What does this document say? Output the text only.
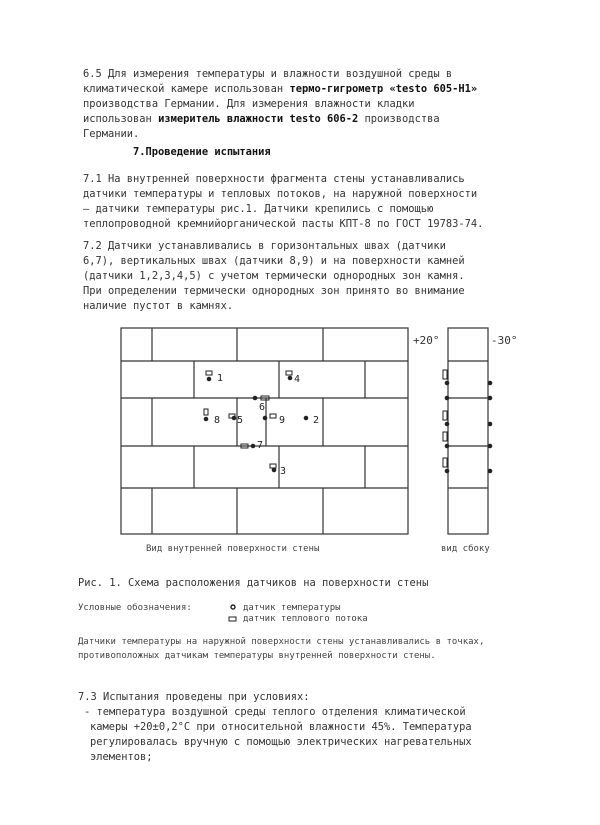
6.5 Для измерения температуры и влажности воздушной среды в
климатической камере использован термо-гигрометр «testo 605-H1»
производства Германии. Для измерения влажности кладки
использован измеритель влажности testo 606-2 производства
Германии.
7.Проведение испытания
7.1 На внутренней поверхности фрагмента стены устанавливались
датчики температуры и тепловых потоков, на наружной поверхности
– датчики температуры рис.1. Датчики крепились с помощью
теплопроводной кремнийорганической пасты КПТ-8 по ГОСТ 19783-74.
7.2 Датчики устанавливались в горизонтальных швах (датчики
6,7), вертикальных швах (датчики 8,9) и на поверхности камней
(датчики 1,2,3,4,5) с учетом термически однородных зон камня.
При определении термически однородных зон принято во внимание
наличие пустот в камнях.
1	4
6
8 5	9	2
7
3
+20°	-30°
Вид внутренней поверхности стены	вид сбоку
Рис. 1. Схема расположения датчиков на поверхности стены
Условные обозначения:	датчик температуры
датчик теплового потока
Датчики температуры на наружной поверхности стены устанавливались в точках,
противоположных датчикам температуры внутренней поверхности стены.
7.3 Испытания проведены при условиях:
- температура воздушной среды теплого отделения климатической
камеры +20±0,2°С при относительной влажности 45%. Температура
регулировалась вручную с помощью электрических нагревательных
элементов;
